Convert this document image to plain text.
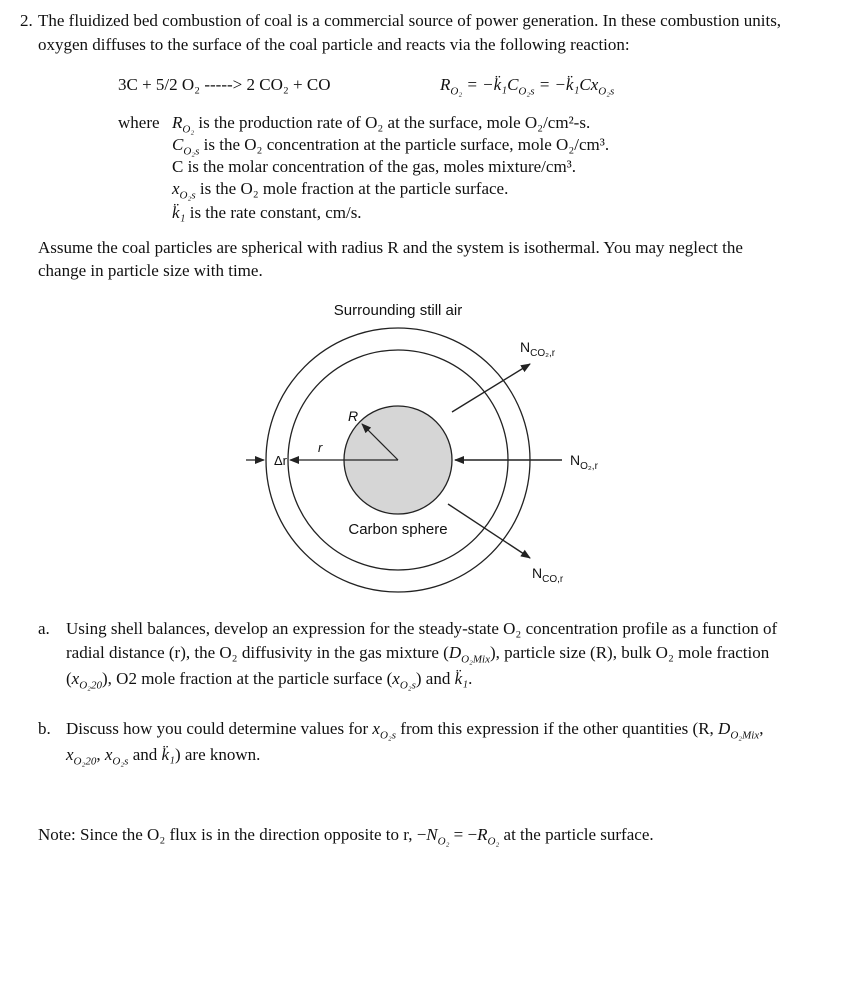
2. The fluidized bed combustion of coal is a commercial source of power generation. In these combustion units,
oxygen diffuses to the surface of the coal particle and reacts via the following reaction:
3C + 5/2 O₂ -----> 2 CO₂ + CO	$R_{O_2}$ = $-k̈_1C_{O_2s}$ = $-k̈_1Cx_{O_2s}$
where $R_{O_2}$ is the production rate of O₂ at the surface, mole O₂/cm²-s.
$C_{O_2s}$ is the O₂ concentration at the particle surface, mole O₂/cm³.
C is the molar concentration of the gas, moles mixture/cm³.
$x_{O_2s}$ is the O₂ mole fraction at the particle surface.
k̈₁ is the rate constant, cm/s.
Assume the coal particles are spherical with radius R and the system is isothermal. You may neglect the
change in particle size with time.
Surrounding still air
R
r
Δr
$N_{CO_2,r}$
$N_{O_2,r}$
$N_{CO,r}$
Carbon sphere
a. Using shell balances, develop an expression for the steady-state O₂ concentration profile as a function of
radial distance (r), the O₂ diffusivity in the gas mixture $(D_{O_2Mix})$, particle size (R), bulk O₂ mole fraction
$(x_{O_220})$, O2 mole fraction at the particle surface $(x_{O_2s})$ and k̈₁.
b. Discuss how you could determine values for $x_{O_2s}$ from this expression if the other quantities (R, $D_{O_2Mix}$,
$x_{O_220}$, $x_{O_2s}$ and k̈₁) are known.
Note: Since the O₂ flux is in the direction opposite to r, $-N_{O_2} = -R_{O_2}$ at the particle surface.
